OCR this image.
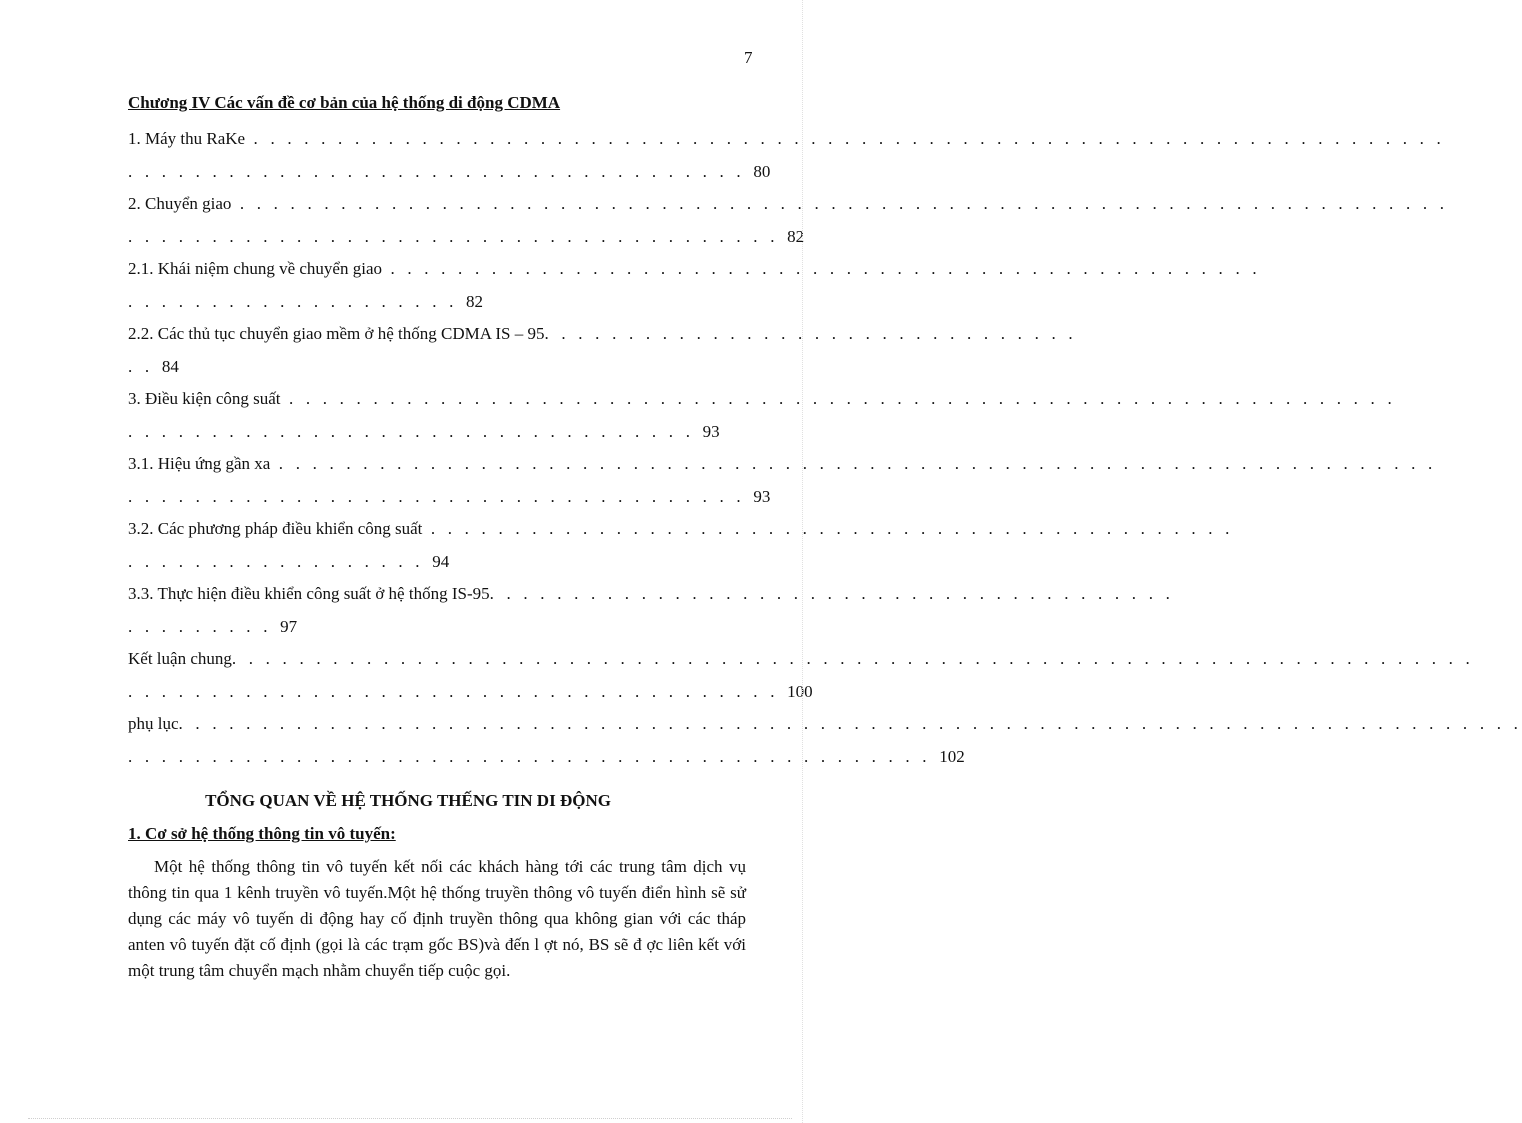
7
Chương IV Các vấn đề cơ bản của hệ thống di động CDMA
1. Máy thu RaKe . . . . . . . . . . . . . . . . . . . . . . . . . . . . . . . . . . . . . . . . . . . . . . . . . . . . . . . . . . . . . . . . . . . . . . .
. . . . . . . . . . . . . . . . . . . . . . . . . . . . . . . . . . . . . 80
2. Chuyển giao . . . . . . . . . . . . . . . . . . . . . . . . . . . . . . . . . . . . . . . . . . . . . . . . . . . . . . . . . . . . . . . . . . . . . . . .
. . . . . . . . . . . . . . . . . . . . . . . . . . . . . . . . . . . . . . . 82
2.1. Khái niệm chung về chuyển giao . . . . . . . . . . . . . . . . . . . . . . . . . . . . . . . . . . . . . . . . . . . . . . . . . . . .
. . . . . . . . . . . . . . . . . . . . 82
2.2. Các thủ tục chuyển giao mềm ở hệ thống CDMA IS – 95. . . . . . . . . . . . . . . . . . . . . . . . . . . . . . . .
. . 84
3. Điều kiện công suất . . . . . . . . . . . . . . . . . . . . . . . . . . . . . . . . . . . . . . . . . . . . . . . . . . . . . . . . . . . . . . . . . .
. . . . . . . . . . . . . . . . . . . . . . . . . . . . . . . . . . 93
3.1. Hiệu ứng gần xa . . . . . . . . . . . . . . . . . . . . . . . . . . . . . . . . . . . . . . . . . . . . . . . . . . . . . . . . . . . . . . . . . . . . .
. . . . . . . . . . . . . . . . . . . . . . . . . . . . . . . . . . . . . 93
3.2. Các phương pháp điều khiển công suất . . . . . . . . . . . . . . . . . . . . . . . . . . . . . . . . . . . . . . . . . . . . . . . .
. . . . . . . . . . . . . . . . . . 94
3.3. Thực hiện điều khiển công suất ở hệ thống IS-95. . . . . . . . . . . . . . . . . . . . . . . . . . . . . . . . . . . . . . . . .
. . . . . . . . . 97
Kết luận chung. . . . . . . . . . . . . . . . . . . . . . . . . . . . . . . . . . . . . . . . . . . . . . . . . . . . . . . . . . . . . . . . . . . . . . . . . .
. . . . . . . . . . . . . . . . . . . . . . . . . . . . . . . . . . . . . . . 100
phụ lục. . . . . . . . . . . . . . . . . . . . . . . . . . . . . . . . . . . . . . . . . . . . . . . . . . . . . . . . . . . . . . . . . . . . . . . . . . . . . . . .
. . . . . . . . . . . . . . . . . . . . . . . . . . . . . . . . . . . . . . . . . . . . . . . . 102
TỔNG QUAN VỀ HỆ THỐNG THẾNG TIN DI ĐỘNG
1. Cơ sở hệ thống thông tin vô tuyến:

Một hệ thống thông tin vô tuyến kết nối các khách hàng tới các trung tâm dịch vụ thông tin qua 1 kênh truyền vô tuyến.Một hệ thống truyền thông vô tuyến điển hình sẽ sử dụng các máy vô tuyến di động hay cố định truyền thông qua không gian với các tháp anten vô tuyến đặt cố định (gọi là các trạm gốc BS)và đến l ợt nó, BS sẽ đ ợc liên kết với một trung tâm chuyển mạch nhằm chuyển tiếp cuộc gọi.
